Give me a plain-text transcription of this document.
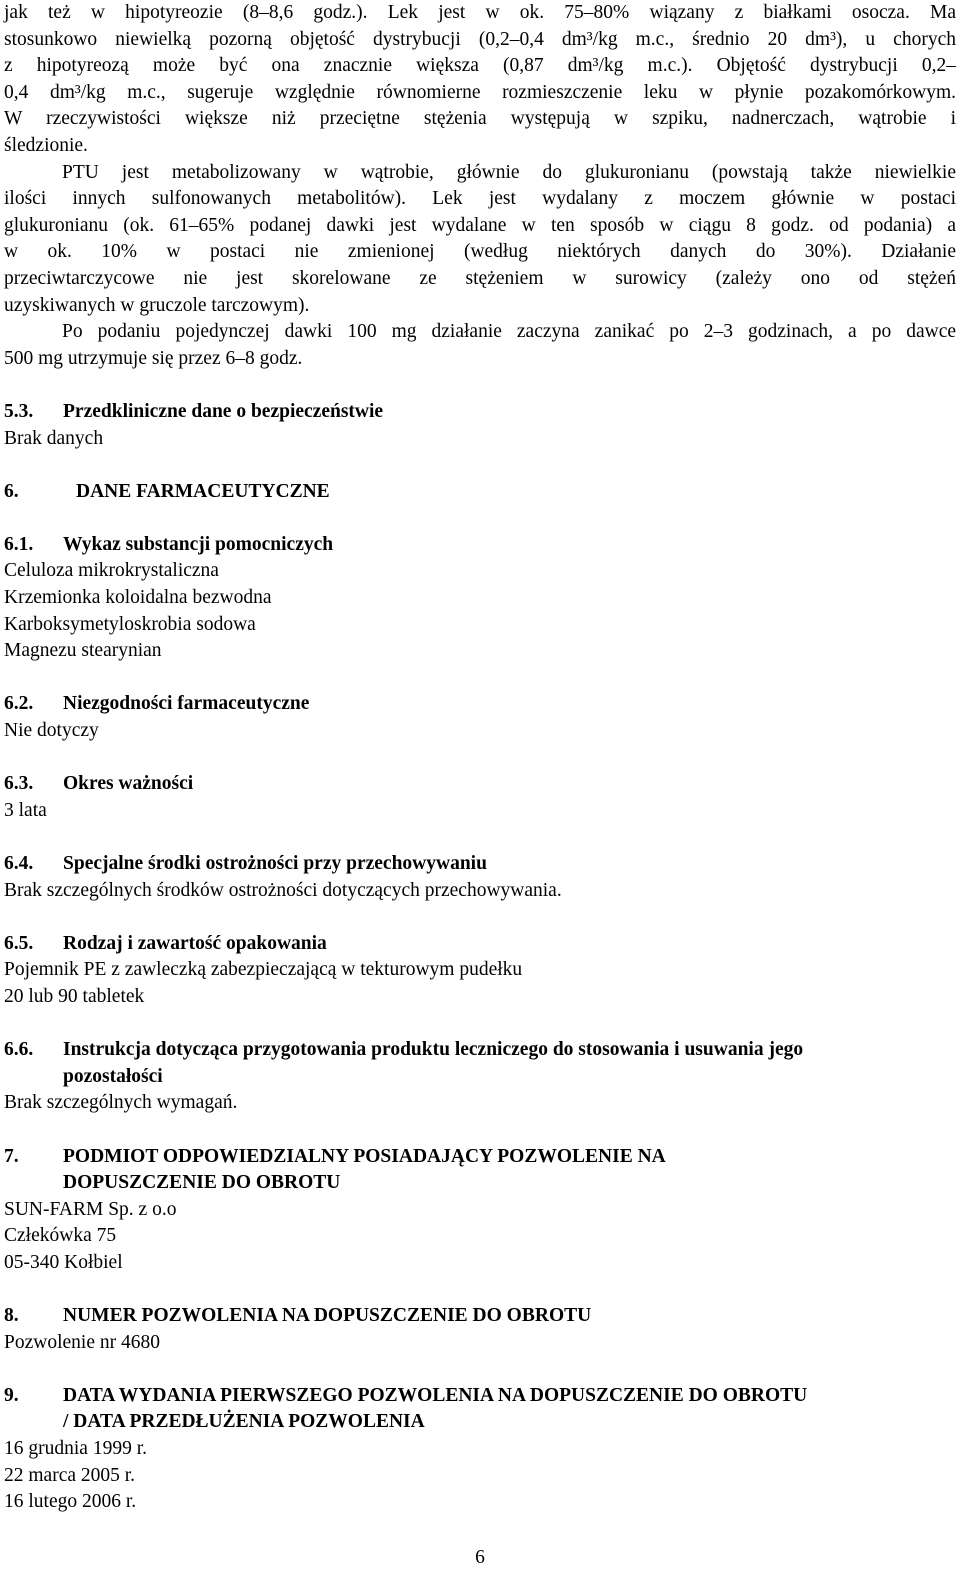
jak też w hipotyreozie (8–8,6 godz.). Lek jest w ok. 75–80% wiązany z białkami osocza. Ma
stosunkowo niewielką pozorną objętość dystrybucji (0,2–0,4 dm³/kg m.c., średnio 20 dm³), u chorych
z hipotyreozą może być ona znacznie większa (0,87 dm³/kg m.c.). Objętość dystrybucji 0,2–
0,4 dm³/kg m.c., sugeruje względnie równomierne rozmieszczenie leku w płynie pozakomórkowym.
W rzeczywistości większe niż przeciętne stężenia występują w szpiku, nadnerczach, wątrobie i
śledzionie.
PTU jest metabolizowany w wątrobie, głównie do glukuronianu (powstają także niewielkie
ilości innych sulfonowanych metabolitów). Lek jest wydalany z moczem głównie w postaci
glukuronianu (ok. 61–65% podanej dawki jest wydalane w ten sposób w ciągu 8 godz. od podania) a
w ok. 10% w postaci nie zmienionej (według niektórych danych do 30%). Działanie
przeciwtarczycowe nie jest skorelowane ze stężeniem w surowicy (zależy ono od stężeń
uzyskiwanych w gruczole tarczowym).
Po podaniu pojedynczej dawki 100 mg działanie zaczyna zanikać po 2–3 godzinach, a po dawce
500 mg utrzymuje się przez 6–8 godz.
5.3.	Przedkliniczne dane o bezpieczeństwie
Brak danych
6.	DANE FARMACEUTYCZNE
6.1.	Wykaz substancji pomocniczych
Celuloza mikrokrystaliczna
Krzemionka koloidalna bezwodna
Karboksymetyloskrobia sodowa
Magnezu stearynian
6.2.	Niezgodności farmaceutyczne
Nie dotyczy
6.3.	Okres ważności
3 lata
6.4.	Specjalne środki ostrożności przy przechowywaniu
Brak szczególnych środków ostrożności dotyczących przechowywania.
6.5.	Rodzaj i zawartość opakowania
Pojemnik PE z zawleczką zabezpieczającą w tekturowym pudełku
20 lub 90 tabletek
6.6.	Instrukcja dotycząca przygotowania produktu leczniczego do stosowania i usuwania jego
pozostałości
Brak szczególnych wymagań.
7.	PODMIOT ODPOWIEDZIALNY POSIADAJĄCY POZWOLENIE NA
DOPUSZCZENIE DO OBROTU
SUN-FARM Sp. z o.o
Człekówka 75
05-340 Kołbiel
8.	NUMER POZWOLENIA NA DOPUSZCZENIE DO OBROTU
Pozwolenie nr 4680
9.	DATA WYDANIA PIERWSZEGO POZWOLENIA NA DOPUSZCZENIE DO OBROTU
/ DATA PRZEDŁUŻENIA POZWOLENIA
16 grudnia 1999 r.
22 marca 2005 r.
16 lutego 2006 r.
6
